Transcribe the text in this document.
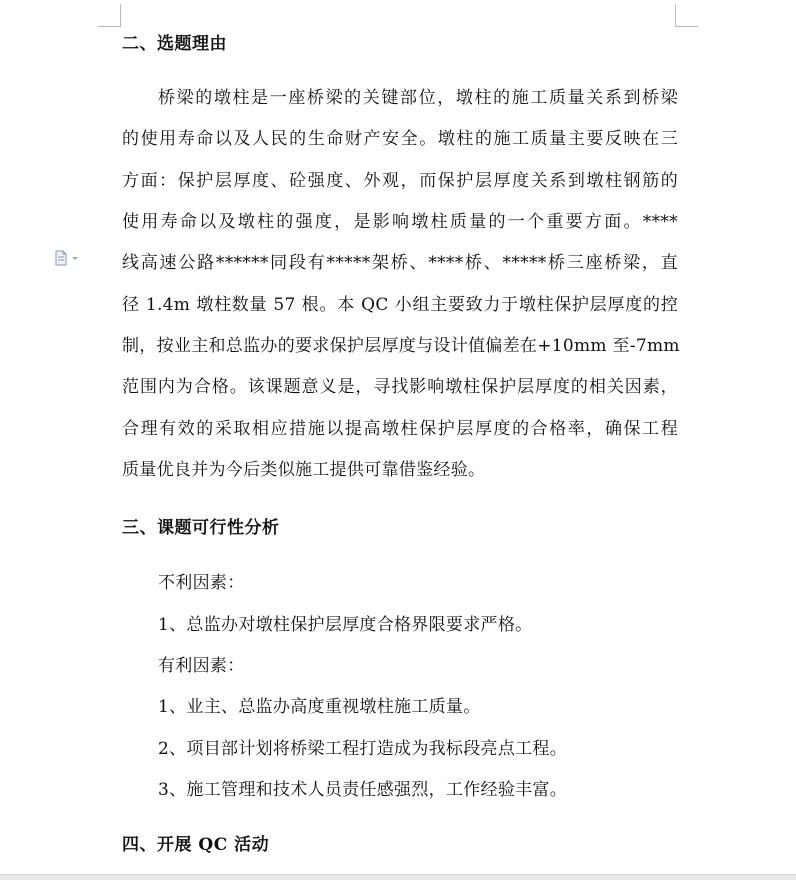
二、选题理由
桥梁的墩柱是一座桥梁的关键部位，墩柱的施工质量关系到桥梁
的使用寿命以及人民的生命财产安全。墩柱的施工质量主要反映在三
方面：保护层厚度、砼强度、外观，而保护层厚度关系到墩柱钢筋的
使用寿命以及墩柱的强度，是影响墩柱质量的一个重要方面。****
线高速公路******同段有*****架桥、****桥、*****桥三座桥梁，直
径 1.4m 墩柱数量 57 根。本 QC 小组主要致力于墩柱保护层厚度的控
制，按业主和总监办的要求保护层厚度与设计值偏差在+10mm 至-7mm
范围内为合格。该课题意义是，寻找影响墩柱保护层厚度的相关因素，
合理有效的采取相应措施以提高墩柱保护层厚度的合格率，确保工程
质量优良并为今后类似施工提供可靠借鉴经验。
三、课题可行性分析
不利因素：
1、总监办对墩柱保护层厚度合格界限要求严格。
有利因素：
1、业主、总监办高度重视墩柱施工质量。
2、项目部计划将桥梁工程打造成为我标段亮点工程。
3、施工管理和技术人员责任感强烈，工作经验丰富。
四、开展 QC 活动
